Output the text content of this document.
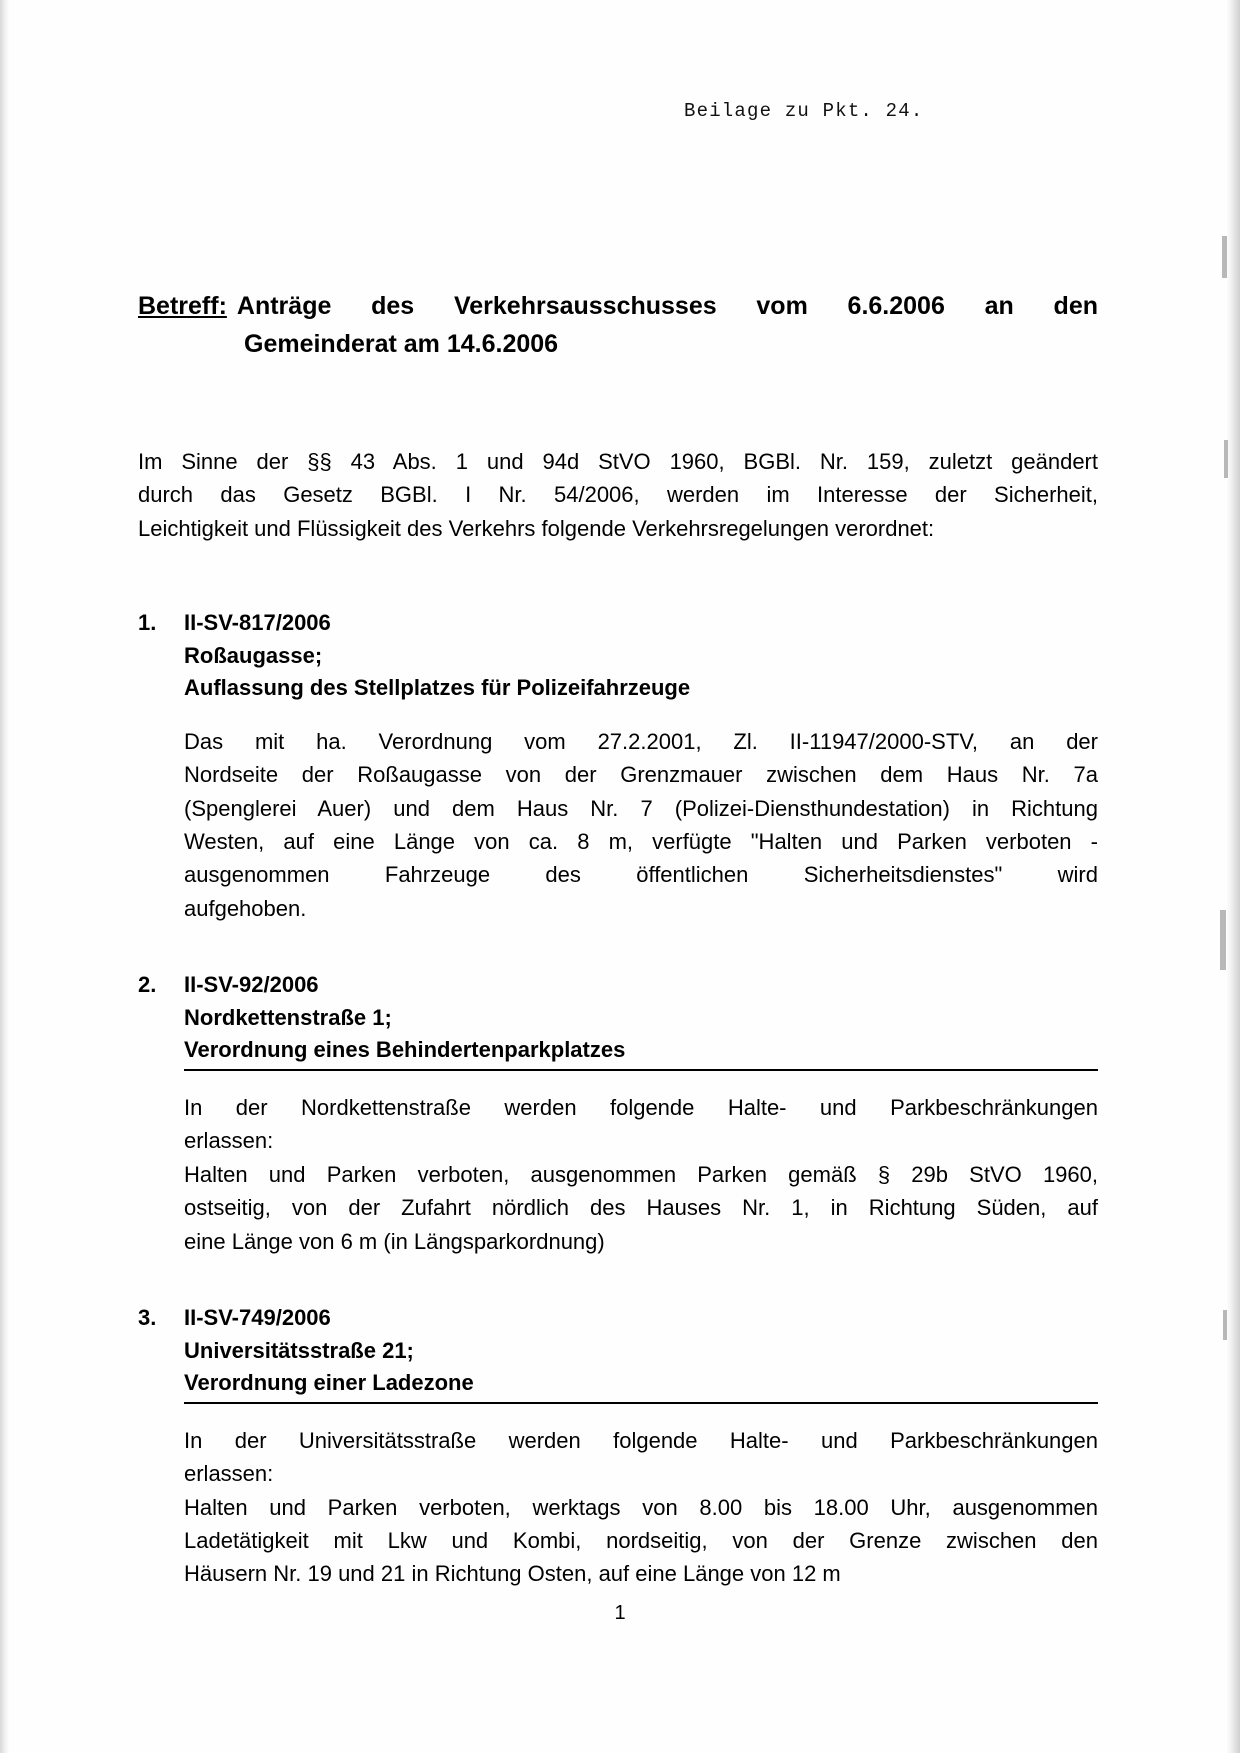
Beilage zu Pkt. 24.
Betreff: Anträge des Verkehrsausschusses vom 6.6.2006 an den
Gemeinderat am 14.6.2006
Im Sinne der §§ 43 Abs. 1 und 94d StVO 1960, BGBl. Nr. 159, zuletzt geändert
durch das Gesetz BGBl. I Nr. 54/2006, werden im Interesse der Sicherheit,
Leichtigkeit und Flüssigkeit des Verkehrs folgende Verkehrsregelungen verordnet:
1.	II-SV-817/2006
Roßaugasse;
Auflassung des Stellplatzes für Polizeifahrzeuge
Das mit ha. Verordnung vom 27.2.2001, Zl. II-11947/2000-STV, an der
Nordseite der Roßaugasse von der Grenzmauer zwischen dem Haus Nr. 7a
(Spenglerei Auer) und dem Haus Nr. 7 (Polizei-Diensthundestation) in Richtung
Westen, auf eine Länge von ca. 8 m, verfügte "Halten und Parken verboten -
ausgenommen Fahrzeuge des öffentlichen Sicherheitsdienstes" wird
aufgehoben.
2.	II-SV-92/2006
Nordkettenstraße 1;
Verordnung eines Behindertenparkplatzes
In der Nordkettenstraße werden folgende Halte- und Parkbeschränkungen
erlassen:
Halten und Parken verboten, ausgenommen Parken gemäß § 29b StVO 1960,
ostseitig, von der Zufahrt nördlich des Hauses Nr. 1, in Richtung Süden, auf
eine Länge von 6 m (in Längsparkordnung)
3.	II-SV-749/2006
Universitätsstraße 21;
Verordnung einer Ladezone
In der Universitätsstraße werden folgende Halte- und Parkbeschränkungen
erlassen:
Halten und Parken verboten, werktags von 8.00 bis 18.00 Uhr, ausgenommen
Ladetätigkeit mit Lkw und Kombi, nordseitig, von der Grenze zwischen den
Häusern Nr. 19 und 21 in Richtung Osten, auf eine Länge von 12 m
1
